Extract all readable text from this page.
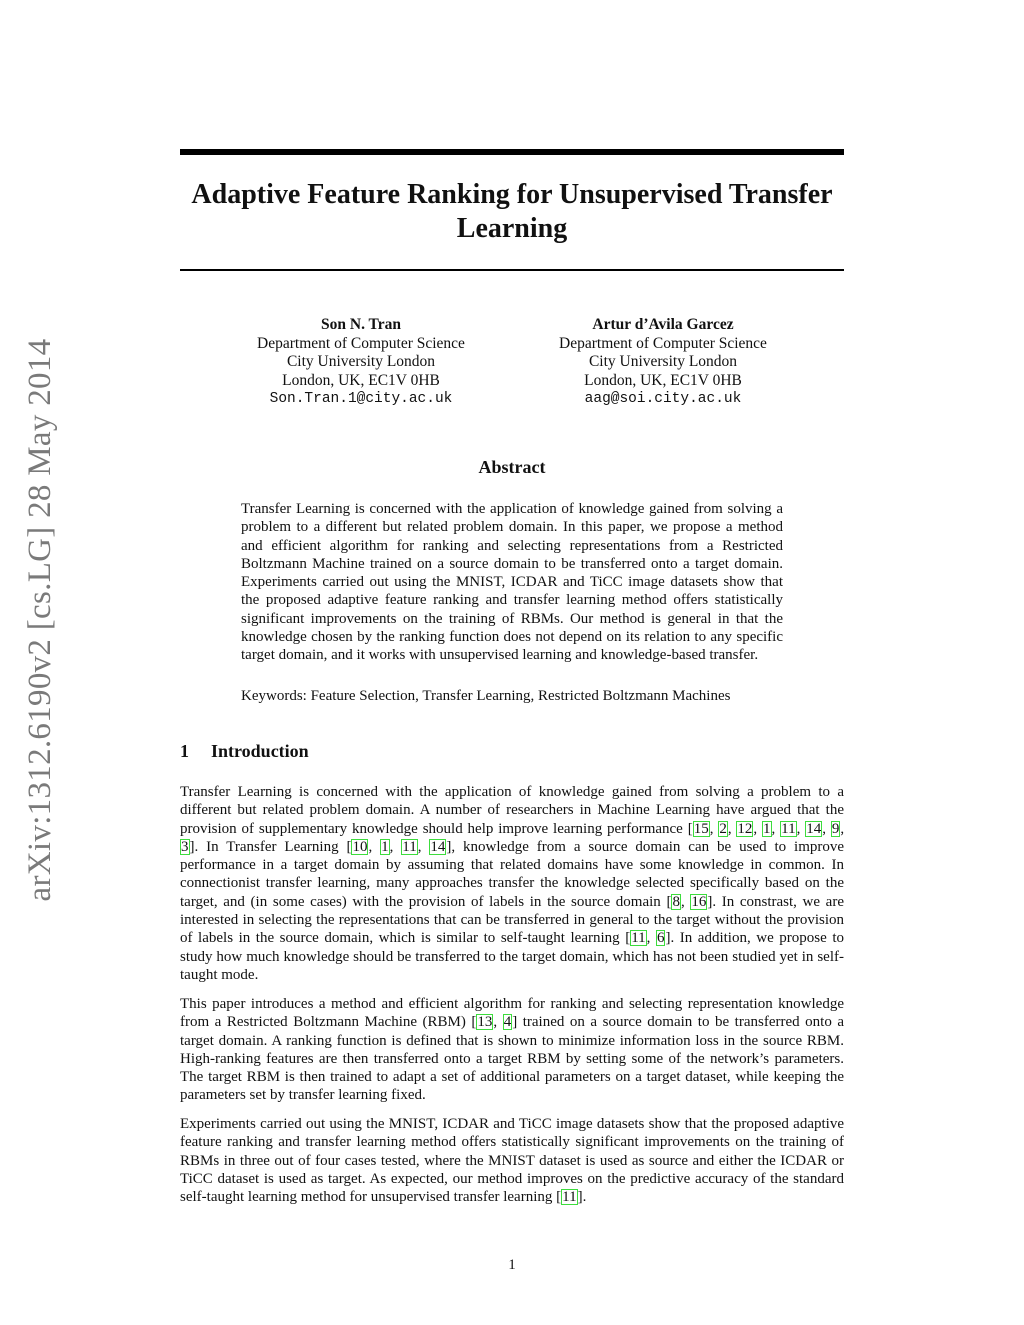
arXiv:1312.6190v2 [cs.LG] 28 May 2014
Adaptive Feature Ranking for Unsupervised Transfer Learning
Son N. Tran
Department of Computer Science
City University London
London, UK, EC1V 0HB
Son.Tran.1@city.ac.uk
Artur d’Avila Garcez
Department of Computer Science
City University London
London, UK, EC1V 0HB
aag@soi.city.ac.uk
Abstract

Transfer Learning is concerned with the application of knowledge gained from solving a problem to a different but related problem domain. In this paper, we propose a method and efficient algorithm for ranking and selecting representations from a Restricted Boltzmann Machine trained on a source domain to be transferred onto a target domain. Experiments carried out using the MNIST, ICDAR and TiCC image datasets show that the proposed adaptive feature ranking and transfer learning method offers statistically significant improvements on the training of RBMs. Our method is general in that the knowledge chosen by the ranking function does not depend on its relation to any specific target domain, and it works with unsupervised learning and knowledge-based transfer.

Keywords: Feature Selection, Transfer Learning, Restricted Boltzmann Machines

1 Introduction

Transfer Learning is concerned with the application of knowledge gained from solving a problem to a different but related problem domain. A number of researchers in Machine Learning have argued that the provision of supplementary knowledge should help improve learning performance [15, 2, 12, 1, 11, 14, 9, 3]. In Transfer Learning [10, 1, 11, 14], knowledge from a source domain can be used to improve performance in a target domain by assuming that related domains have some knowledge in common. In connectionist transfer learning, many approaches transfer the knowledge selected specifically based on the target, and (in some cases) with the provision of labels in the source domain [8, 16]. In constrast, we are interested in selecting the representations that can be transferred in general to the target without the provision of labels in the source domain, which is similar to self-taught learning [11, 6]. In addition, we propose to study how much knowledge should be transferred to the target domain, which has not been studied yet in self-taught mode.

This paper introduces a method and efficient algorithm for ranking and selecting representation knowledge from a Restricted Boltzmann Machine (RBM) [13, 4] trained on a source domain to be transferred onto a target domain. A ranking function is defined that is shown to minimize information loss in the source RBM. High-ranking features are then transferred onto a target RBM by setting some of the network’s parameters. The target RBM is then trained to adapt a set of additional parameters on a target dataset, while keeping the parameters set by transfer learning fixed.

Experiments carried out using the MNIST, ICDAR and TiCC image datasets show that the proposed adaptive feature ranking and transfer learning method offers statistically significant improvements on the training of RBMs in three out of four cases tested, where the MNIST dataset is used as source and either the ICDAR or TiCC dataset is used as target. As expected, our method improves on the predictive accuracy of the standard self-taught learning method for unsupervised transfer learning [11].

1
